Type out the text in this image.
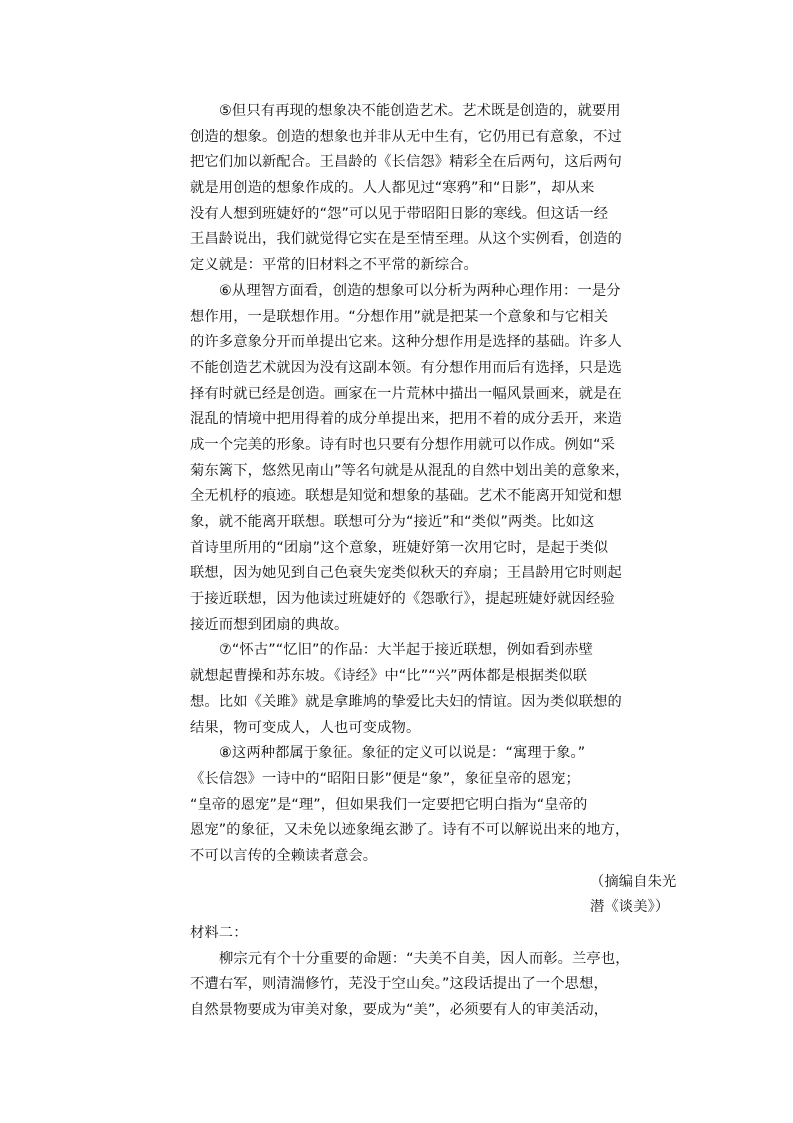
⑤但只有再现的想象决不能创造艺术。艺术既是创造的，就要用
创造的想象。创造的想象也并非从无中生有，它仍用已有意象，不过
把它们加以新配合。王昌龄的《长信怨》精彩全在后两句，这后两句
就是用创造的想象作成的。人人都见过“寒鸦”和“日影”，却从来
没有人想到班婕妤的“怨”可以见于带昭阳日影的寒线。但这话一经
王昌龄说出，我们就觉得它实在是至情至理。从这个实例看，创造的
定义就是：平常的旧材料之不平常的新综合。
⑥从理智方面看，创造的想象可以分析为两种心理作用：一是分
想作用，一是联想作用。“分想作用”就是把某一个意象和与它相关
的许多意象分开而单提出它来。这种分想作用是选择的基础。许多人
不能创造艺术就因为没有这副本领。有分想作用而后有选择，只是选
择有时就已经是创造。画家在一片荒林中描出一幅风景画来，就是在
混乱的情境中把用得着的成分单提出来，把用不着的成分丢开，来造
成一个完美的形象。诗有时也只要有分想作用就可以作成。例如“采
菊东篱下，悠然见南山”等名句就是从混乱的自然中划出美的意象来，
全无机杼的痕迹。联想是知觉和想象的基础。艺术不能离开知觉和想
象，就不能离开联想。联想可分为“接近”和“类似”两类。比如这
首诗里所用的“团扇”这个意象，班婕妤第一次用它时，是起于类似
联想，因为她见到自己色衰失宠类似秋天的弃扇；王昌龄用它时则起
于接近联想，因为他读过班婕妤的《怨歌行》，提起班婕妤就因经验
接近而想到团扇的典故。
⑦“怀古”“忆旧”的作品：大半起于接近联想，例如看到赤壁
就想起曹操和苏东坡。《诗经》中“比”“兴”两体都是根据类似联
想。比如《关雎》就是拿雎鸠的挚爱比夫妇的情谊。因为类似联想的
结果，物可变成人，人也可变成物。
⑧这两种都属于象征。象征的定义可以说是：“寓理于象。”
《长信怨》一诗中的“昭阳日影”便是“象”，象征皇帝的恩宠；
“皇帝的恩宠”是“理”，但如果我们一定要把它明白指为“皇帝的
恩宠”的象征，又未免以迹象绳玄渺了。诗有不可以解说出来的地方，
不可以言传的全赖读者意会。
（摘编自朱光
潜《谈美》）
材料二：
柳宗元有个十分重要的命题：“夫美不自美，因人而彰。兰亭也，
不遭右军，则清湍修竹，芜没于空山矣。”这段话提出了一个思想，
自然景物要成为审美对象，要成为“美”，必须要有人的审美活动，
